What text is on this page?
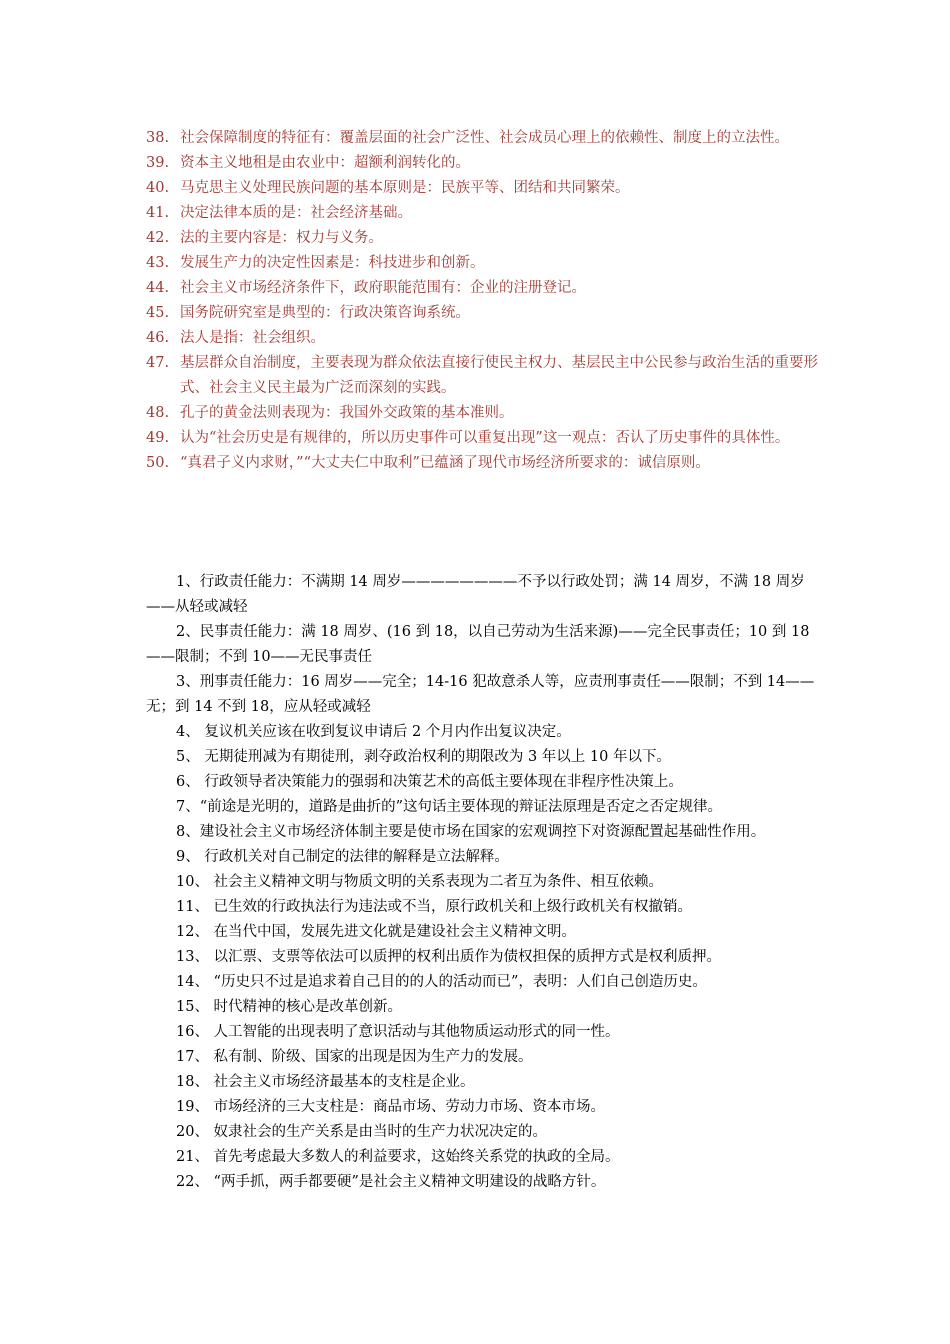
38. 社会保障制度的特征有：覆盖层面的社会广泛性、社会成员心理上的依赖性、制度上的立法性。
39. 资本主义地租是由农业中：超额利润转化的。
40. 马克思主义处理民族问题的基本原则是：民族平等、团结和共同繁荣。
41. 决定法律本质的是：社会经济基础。
42. 法的主要内容是：权力与义务。
43. 发展生产力的决定性因素是：科技进步和创新。
44. 社会主义市场经济条件下，政府职能范围有：企业的注册登记。
45. 国务院研究室是典型的：行政决策咨询系统。
46. 法人是指：社会组织。
47. 基层群众自治制度，主要表现为群众依法直接行使民主权力、基层民主中公民参与政治生活的重要形式、社会主义民主最为广泛而深刻的实践。
48. 孔子的黄金法则表现为：我国外交政策的基本准则。
49. 认为“社会历史是有规律的，所以历史事件可以重复出现”这一观点：否认了历史事件的具体性。
50. “真君子义内求财，”“大丈夫仁中取利”已蕴涵了现代市场经济所要求的：诚信原则。

1、行政责任能力：不满期 14 周岁————————不予以行政处罚；满 14 周岁，不满 18 周岁——从轻或减轻

2、民事责任能力：满 18 周岁、(16 到 18，以自己劳动为生活来源)——完全民事责任；10 到 18——限制；不到 10——无民事责任

3、刑事责任能力：16 周岁——完全；14-16 犯故意杀人等，应责刑事责任——限制；不到 14——无；到 14 不到 18，应从轻或减轻

4、 复议机关应该在收到复议申请后 2 个月内作出复议决定。

5、 无期徒刑减为有期徒刑，剥夺政治权利的期限改为 3 年以上 10 年以下。

6、 行政领导者决策能力的强弱和决策艺术的高低主要体现在非程序性决策上。

7、“前途是光明的，道路是曲折的”这句话主要体现的辩证法原理是否定之否定规律。

8、建设社会主义市场经济体制主要是使市场在国家的宏观调控下对资源配置起基础性作用。

9、 行政机关对自己制定的法律的解释是立法解释。

10、 社会主义精神文明与物质文明的关系表现为二者互为条件、相互依赖。

11、 已生效的行政执法行为违法或不当，原行政机关和上级行政机关有权撤销。

12、 在当代中国，发展先进文化就是建设社会主义精神文明。

13、 以汇票、支票等依法可以质押的权利出质作为债权担保的质押方式是权利质押。

14、 “历史只不过是追求着自己目的的人的活动而已”，表明：人们自己创造历史。

15、 时代精神的核心是改革创新。

16、 人工智能的出现表明了意识活动与其他物质运动形式的同一性。

17、 私有制、阶级、国家的出现是因为生产力的发展。

18、 社会主义市场经济最基本的支柱是企业。

19、 市场经济的三大支柱是：商品市场、劳动力市场、资本市场。

20、 奴隶社会的生产关系是由当时的生产力状况决定的。

21、 首先考虑最大多数人的利益要求，这始终关系党的执政的全局。

22、 “两手抓，两手都要硬”是社会主义精神文明建设的战略方针。
